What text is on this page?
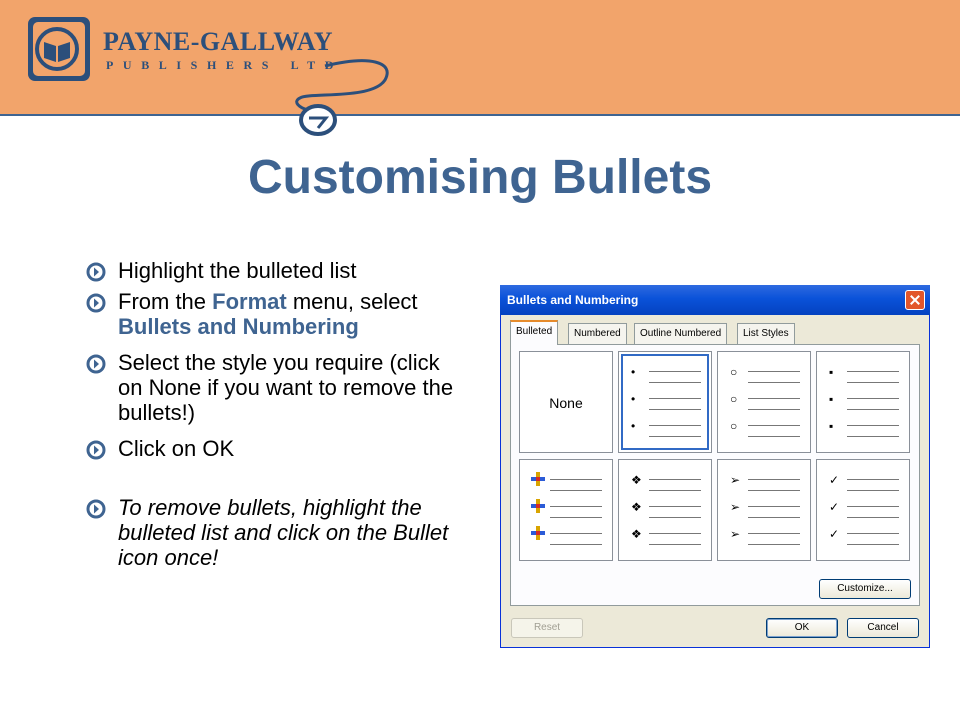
PAYNE-GALLWAY
PUBLISHERS LTD
Customising Bullets
Highlight the bulleted list
From the Format menu, select Bullets and Numbering
Select the style you require (click on None if you want to remove the bullets!)
Click on OK
To remove bullets, highlight the bulleted list and click on the Bullet icon once!
Bullets and Numbering
Bulleted	Numbered	Outline Numbered	List Styles
None
•
•
•
○
○
○
▪
▪
▪
❖
❖
❖
➢
➢
➢
✓
✓
✓
Customize...
Reset	OK	Cancel
